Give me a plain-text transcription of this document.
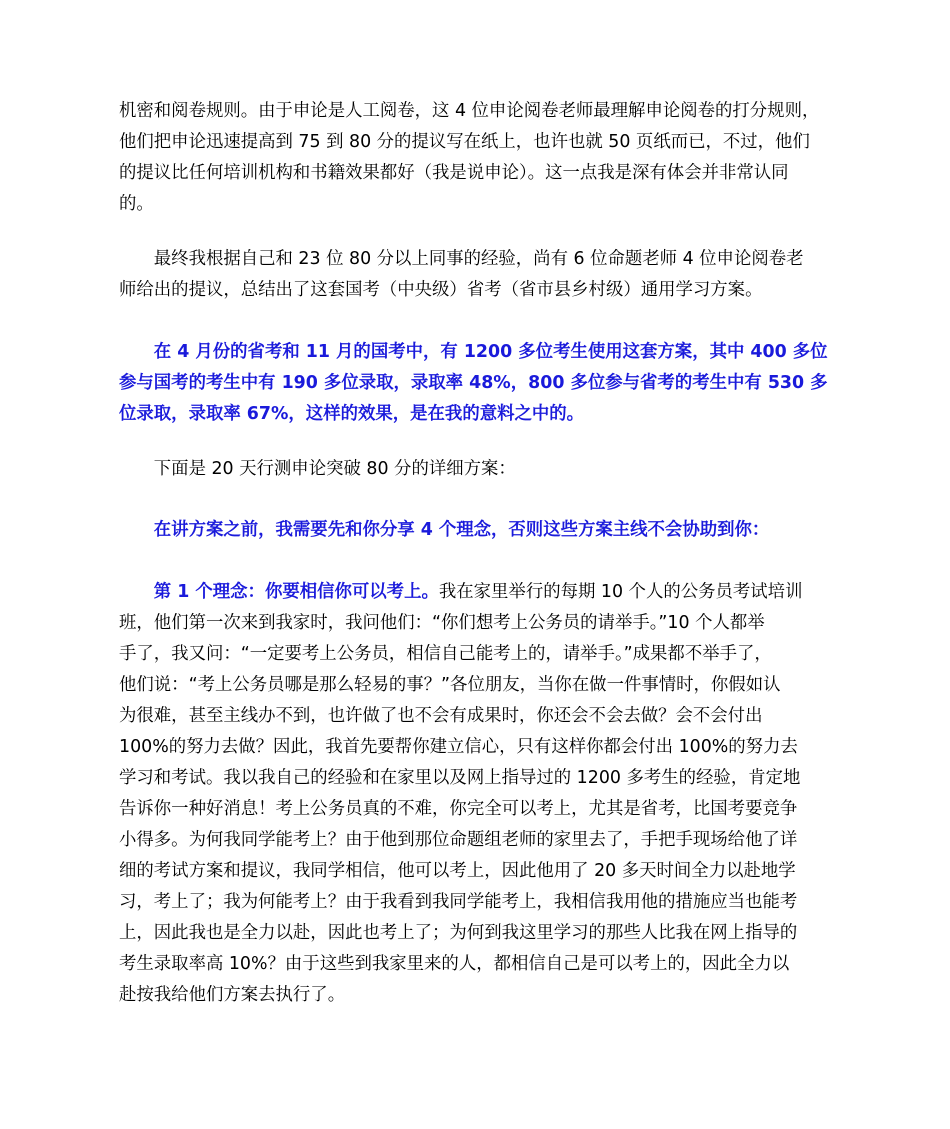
机密和阅卷规则。由于申论是人工阅卷，这 4 位申论阅卷老师最理解申论阅卷的打分规则，
他们把申论迅速提高到 75 到 80 分的提议写在纸上，也许也就 50 页纸而已，不过，他们
的提议比任何培训机构和书籍效果都好（我是说申论）。这一点我是深有体会并非常认同
的。

　　最终我根据自己和 23 位 80 分以上同事的经验，尚有 6 位命题老师 4 位申论阅卷老
师给出的提议，总结出了这套国考（中央级）省考（省市县乡村级）通用学习方案。

　　在 4 月份的省考和 11 月的国考中，有 1200 多位考生使用这套方案，其中 400 多位
参与国考的考生中有 190 多位录取，录取率 48%，800 多位参与省考的考生中有 530 多
位录取，录取率 67%，这样的效果，是在我的意料之中的。

　　下面是 20 天行测申论突破 80 分的详细方案：

　　在讲方案之前，我需要先和你分享 4 个理念，否则这些方案主线不会协助到你：

　　第 1 个理念：你要相信你可以考上。我在家里举行的每期 10 个人的公务员考试培训
班，他们第一次来到我家时，我问他们：“你们想考上公务员的请举手。”10 个人都举
手了，我又问：“一定要考上公务员，相信自己能考上的，请举手。”成果都不举手了，
他们说：“考上公务员哪是那么轻易的事？”各位朋友，当你在做一件事情时，你假如认
为很难，甚至主线办不到，也许做了也不会有成果时，你还会不会去做？会不会付出
100%的努力去做？因此，我首先要帮你建立信心，只有这样你都会付出 100%的努力去
学习和考试。我以我自己的经验和在家里以及网上指导过的 1200 多考生的经验，肯定地
告诉你一种好消息！考上公务员真的不难，你完全可以考上，尤其是省考，比国考要竞争
小得多。为何我同学能考上？由于他到那位命题组老师的家里去了，手把手现场给他了详
细的考试方案和提议，我同学相信，他可以考上，因此他用了 20 多天时间全力以赴地学
习，考上了；我为何能考上？由于我看到我同学能考上，我相信我用他的措施应当也能考
上，因此我也是全力以赴，因此也考上了；为何到我这里学习的那些人比我在网上指导的
考生录取率高 10%？由于这些到我家里来的人，都相信自己是可以考上的，因此全力以
赴按我给他们方案去执行了。
